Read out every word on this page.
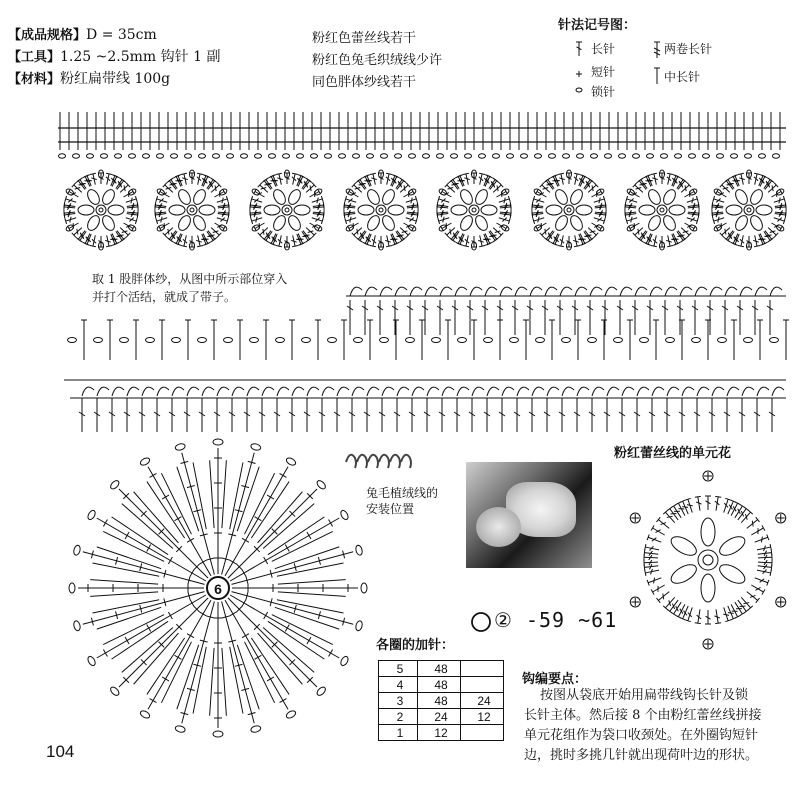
6
【成品规格】D = 35cm
【工具】1.25 ~2.5mm 钩针 1 副
【材料】粉红扁带线 100g
粉红色蕾丝线若干
粉红色兔毛织绒线少许
同色胖体纱线若干
针法记号图：
长针
短针
锁针
两卷长针
中长针
取 1 股胖体纱，从图中所示部位穿入
并打个活结，就成了带子。
兔毛植绒线的
安装位置
粉红蕾丝线的单元花
② -59 ~61
各圈的加针：
5	48	
4	48	
3	48	24
2	24	12
1	12	
钩编要点：
按图从袋底开始用扁带线钩长针及锁
长针主体。然后接 8 个由粉红蕾丝线拼接
单元花组作为袋口收颈处。在外圈钩短针
边，挑时多挑几针就出现荷叶边的形状。
104
